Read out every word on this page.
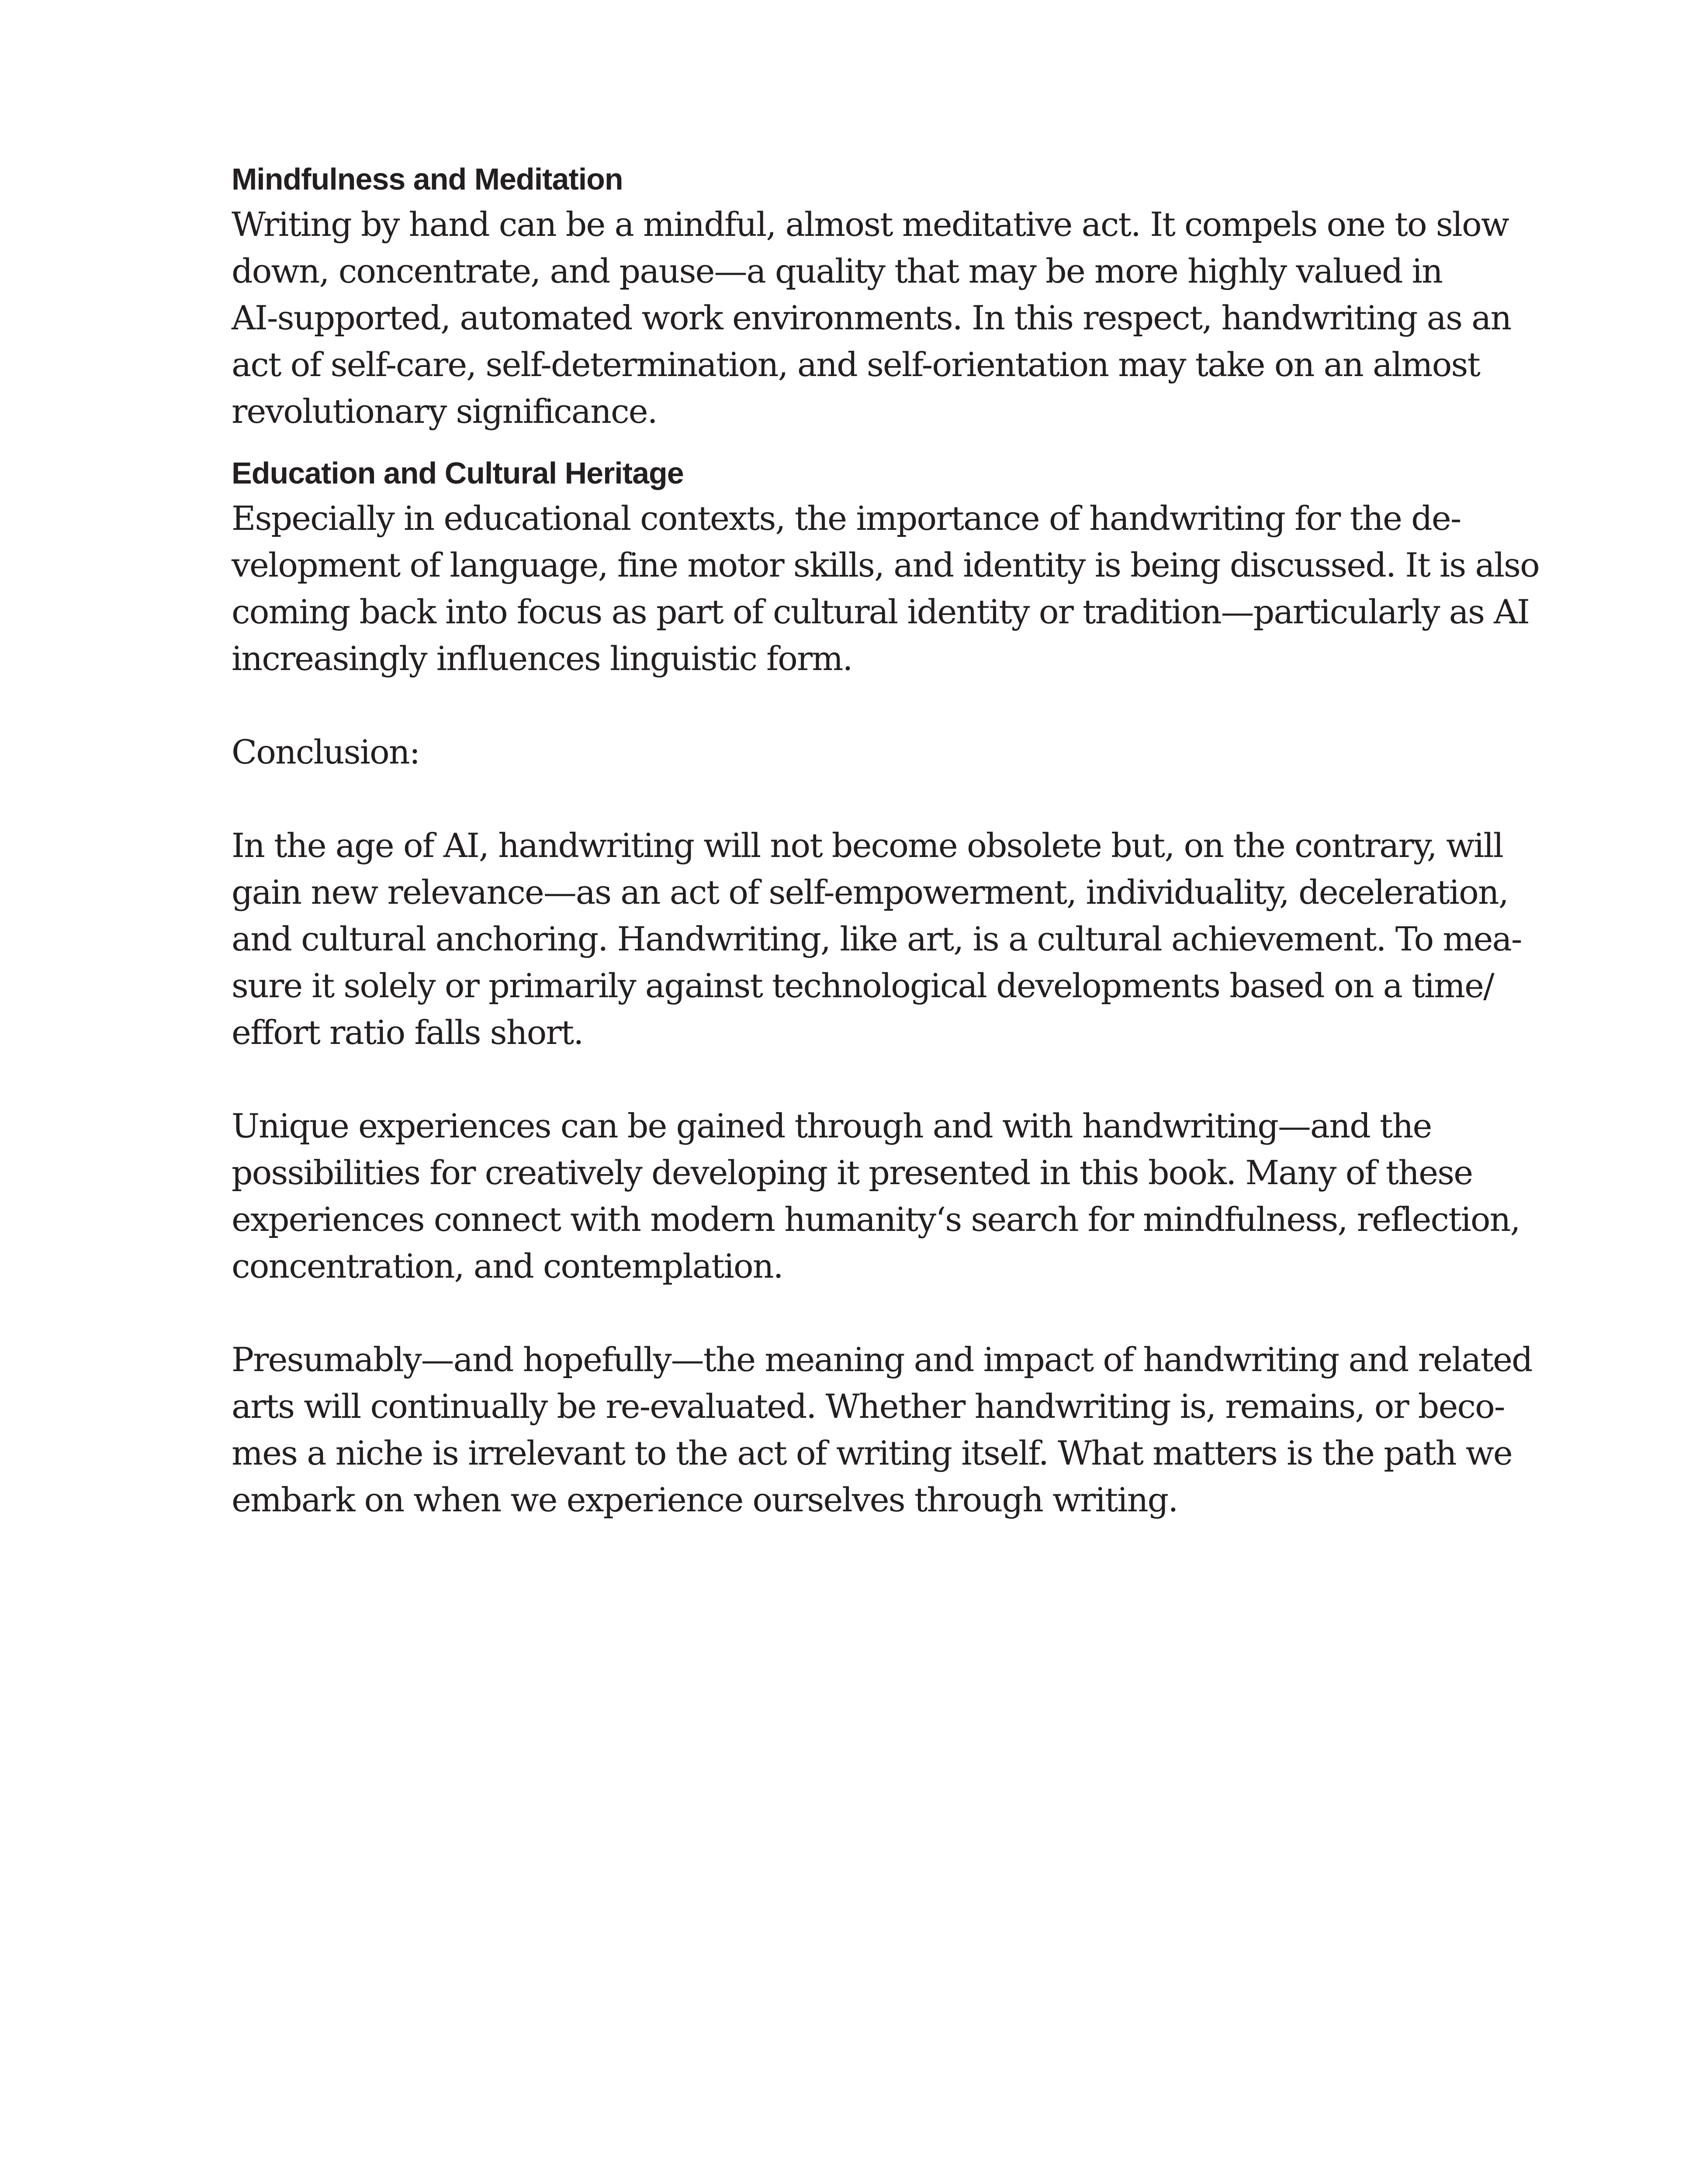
Mindfulness and Meditation

Writing by hand can be a mindful, almost meditative act. It compels one to slow

down, concentrate, and pause—a quality that may be more highly valued in

AI-supported, automated work environments. In this respect, handwriting as an

act of self-care, self-determination, and self-orientation may take on an almost

revolutionary significance.

Education and Cultural Heritage

Especially in educational contexts, the importance of handwriting for the de-

velopment of language, fine motor skills, and identity is being discussed. It is also

coming back into focus as part of cultural identity or tradition—particularly as AI

increasingly influences linguistic form.

Conclusion:

In the age of AI, handwriting will not become obsolete but, on the contrary, will

gain new relevance—as an act of self-empowerment, individuality, deceleration,

and cultural anchoring. Handwriting, like art, is a cultural achievement. To mea-

sure it solely or primarily against technological developments based on a time/

effort ratio falls short.

Unique experiences can be gained through and with handwriting—and the

possibilities for creatively developing it presented in this book. Many of these

experiences connect with modern humanity‘s search for mindfulness, reflection,

concentration, and contemplation.

Presumably—and hopefully—the meaning and impact of handwriting and related

arts will continually be re-evaluated. Whether handwriting is, remains, or beco-

mes a niche is irrelevant to the act of writing itself. What matters is the path we

embark on when we experience ourselves through writing.
